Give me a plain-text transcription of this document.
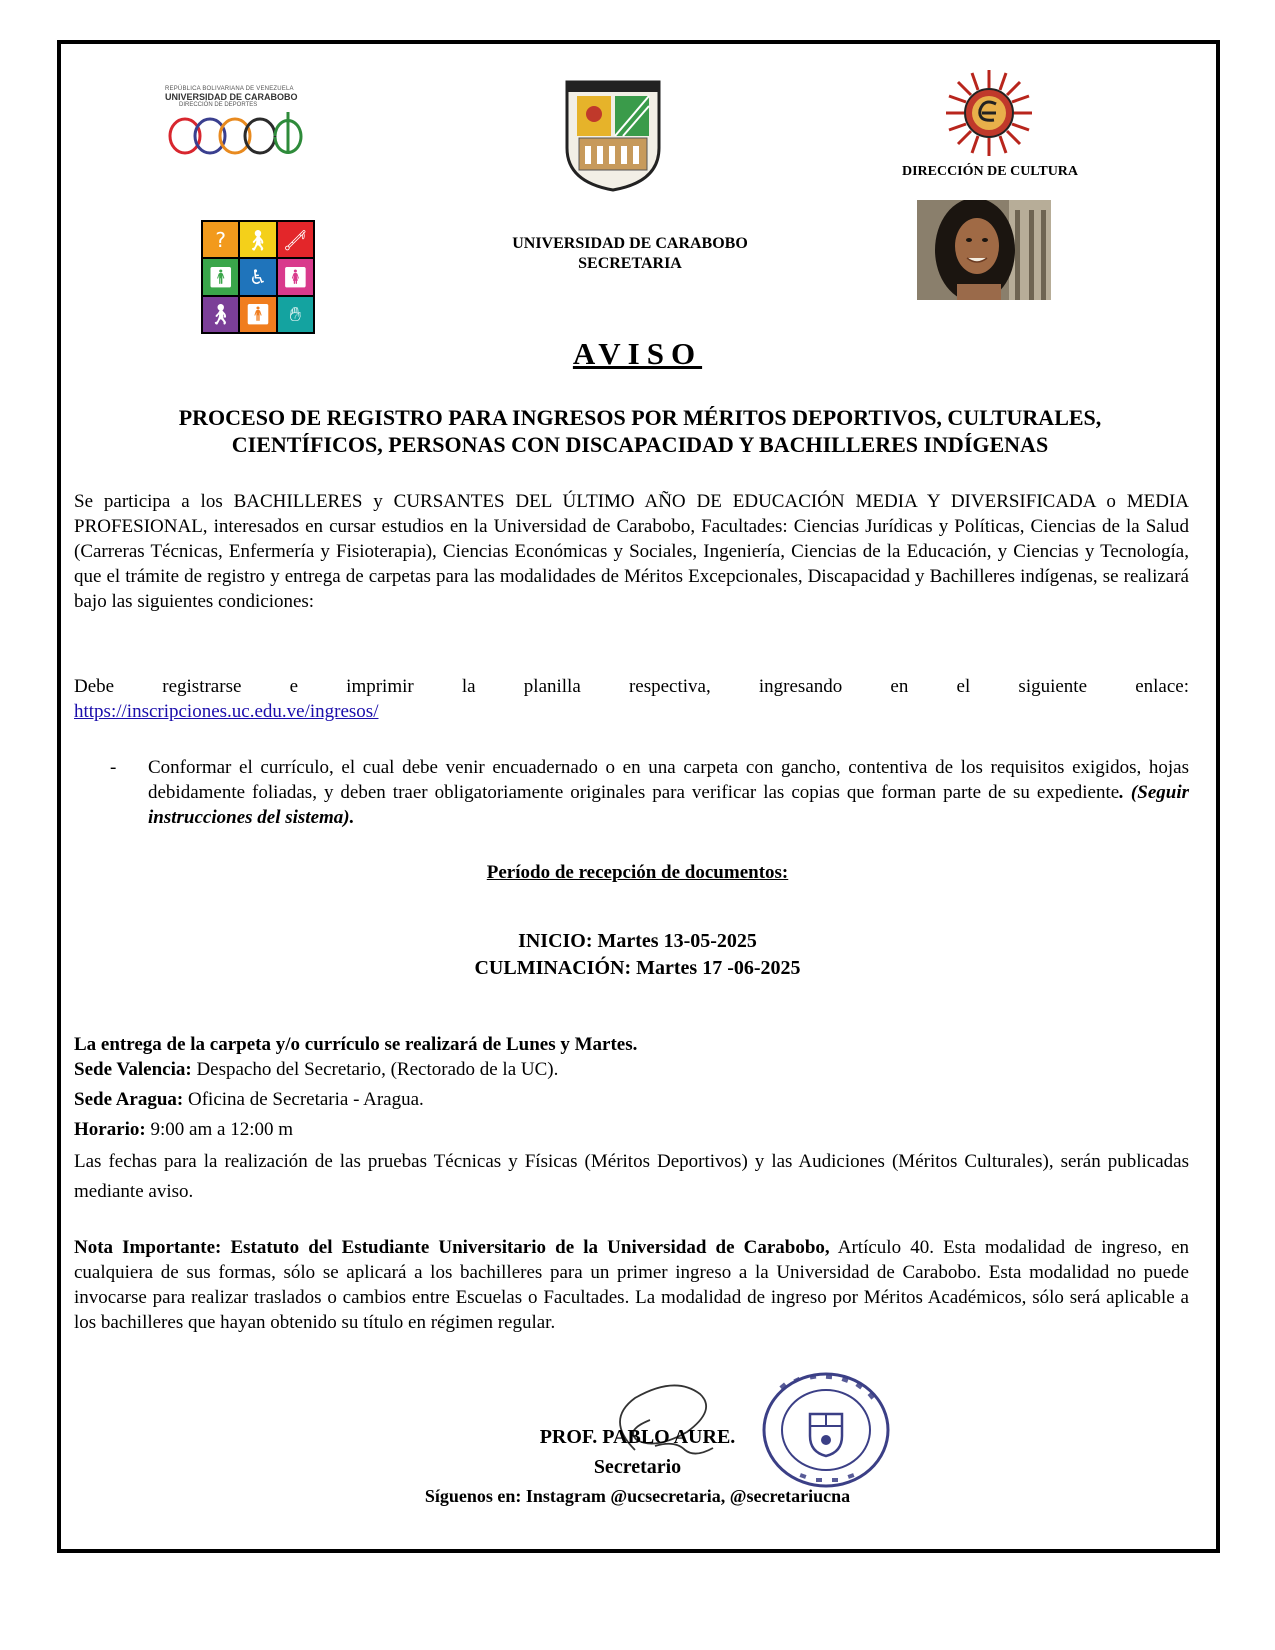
REPÚBLICA BOLIVARIANA DE VENEZUELA
UNIVERSIDAD DE CARABOBO
DIRECCIÓN DE DEPORTES
DIRECCIÓN DE CULTURA
? 🚶︎ 🦯︎
🚹︎ ♿︎ 🚺︎
🚶︎ 🚹︎ ✋︎
UNIVERSIDAD DE CARABOBO
SECRETARIA
AVISO
PROCESO DE REGISTRO PARA INGRESOS POR MÉRITOS DEPORTIVOS, CULTURALES,
CIENTÍFICOS, PERSONAS CON DISCAPACIDAD Y BACHILLERES INDÍGENAS
Se participa a los BACHILLERES y CURSANTES DEL ÚLTIMO AÑO DE EDUCACIÓN MEDIA Y DIVERSIFICADA o MEDIA PROFESIONAL, interesados en cursar estudios en la Universidad de Carabobo, Facultades: Ciencias Jurídicas y Políticas, Ciencias de la Salud (Carreras Técnicas, Enfermería y Fisioterapia), Ciencias Económicas y Sociales, Ingeniería, Ciencias de la Educación, y Ciencias y Tecnología, que el trámite de registro y entrega de carpetas para las modalidades de Méritos Excepcionales, Discapacidad y Bachilleres indígenas, se realizará bajo las siguientes condiciones:
Debe registrarse e imprimir la planilla respectiva, ingresando en el siguiente enlace:
https://inscripciones.uc.edu.ve/ingresos/
- Conformar el currículo, el cual debe venir encuadernado o en una carpeta con gancho, contentiva de los requisitos exigidos, hojas debidamente foliadas, y deben traer obligatoriamente originales para verificar las copias que forman parte de su expediente. (Seguir instrucciones del sistema).
Período de recepción de documentos:
INICIO: Martes 13-05-2025
CULMINACIÓN: Martes 17 -06-2025
La entrega de la carpeta y/o currículo se realizará de Lunes y Martes.
Sede Valencia: Despacho del Secretario, (Rectorado de la UC).
Sede Aragua: Oficina de Secretaria - Aragua.
Horario: 9:00 am a 12:00 m
Las fechas para la realización de las pruebas Técnicas y Físicas (Méritos Deportivos) y las Audiciones (Méritos Culturales), serán publicadas mediante aviso.
Nota Importante: Estatuto del Estudiante Universitario de la Universidad de Carabobo, Artículo 40. Esta modalidad de ingreso, en cualquiera de sus formas, sólo se aplicará a los bachilleres para un primer ingreso a la Universidad de Carabobo. Esta modalidad no puede invocarse para realizar traslados o cambios entre Escuelas o Facultades. La modalidad de ingreso por Méritos Académicos, sólo será aplicable a los bachilleres que hayan obtenido su título en régimen regular.
PROF. PABLO AURE.
Secretario
Síguenos en: Instagram @ucsecretaria, @secretariucna
